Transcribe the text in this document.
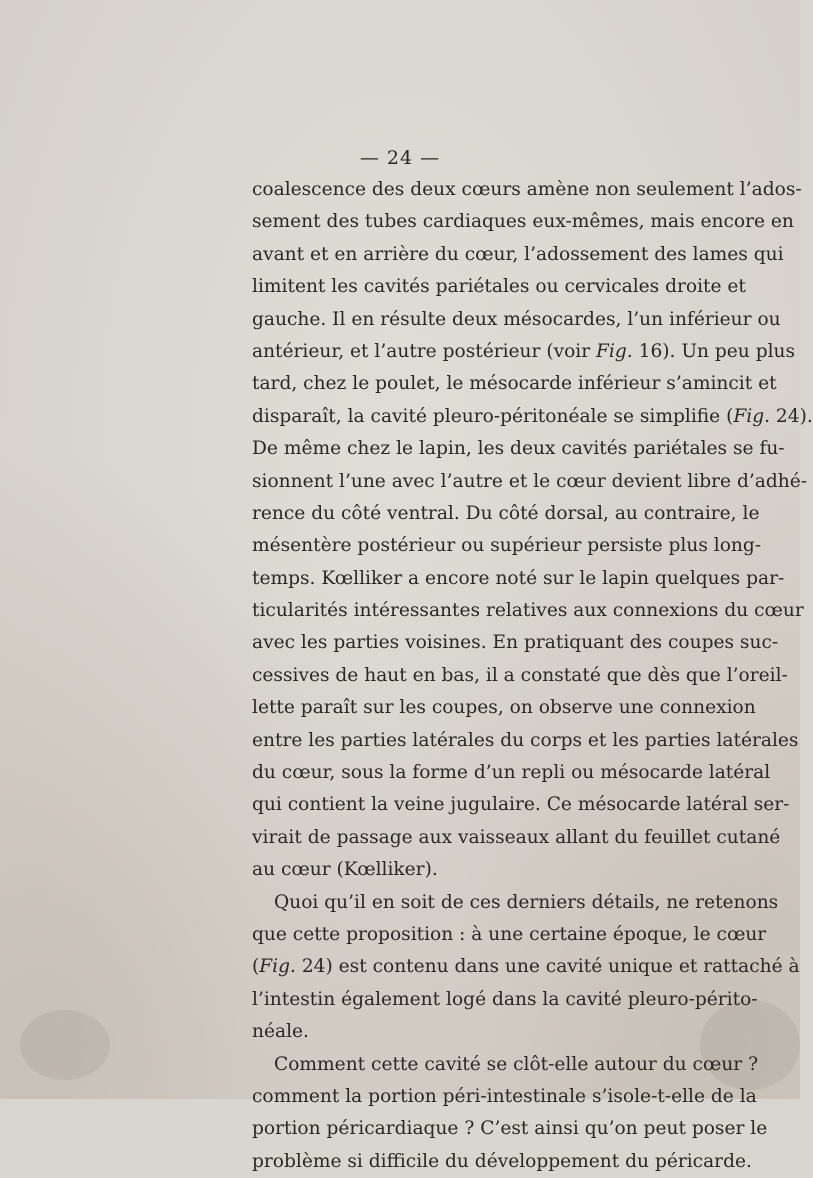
— 24 —
coalescence des deux cœurs amène non seulement l’ados-
sement des tubes cardiaques eux-mêmes, mais encore en
avant et en arrière du cœur, l’adossement des lames qui
limitent les cavités pariétales ou cervicales droite et
gauche. Il en résulte deux mésocardes, l’un inférieur ou
antérieur, et l’autre postérieur (voir Fig. 16). Un peu plus
tard, chez le poulet, le mésocarde inférieur s’amincit et
disparaît, la cavité pleuro-péritonéale se simplifie (Fig. 24).
De même chez le lapin, les deux cavités pariétales se fu-
sionnent l’une avec l’autre et le cœur devient libre d’adhé-
rence du côté ventral. Du côté dorsal, au contraire, le
mésentère postérieur ou supérieur persiste plus long-
temps. Kœlliker a encore noté sur le lapin quelques par-
ticularités intéressantes relatives aux connexions du cœur
avec les parties voisines. En pratiquant des coupes suc-
cessives de haut en bas, il a constaté que dès que l’oreil-
lette paraît sur les coupes, on observe une connexion
entre les parties latérales du corps et les parties latérales
du cœur, sous la forme d’un repli ou mésocarde latéral
qui contient la veine jugulaire. Ce mésocarde latéral ser-
virait de passage aux vaisseaux allant du feuillet cutané
au cœur (Kœlliker).
Quoi qu’il en soit de ces derniers détails, ne retenons
que cette proposition : à une certaine époque, le cœur
(Fig. 24) est contenu dans une cavité unique et rattaché à
l’intestin également logé dans la cavité pleuro-périto-
néale.
Comment cette cavité se clôt-elle autour du cœur ?
comment la portion péri-intestinale s’isole-t-elle de la
portion péricardiaque ? C’est ainsi qu’on peut poser le
problème si difficile du développement du péricarde.
